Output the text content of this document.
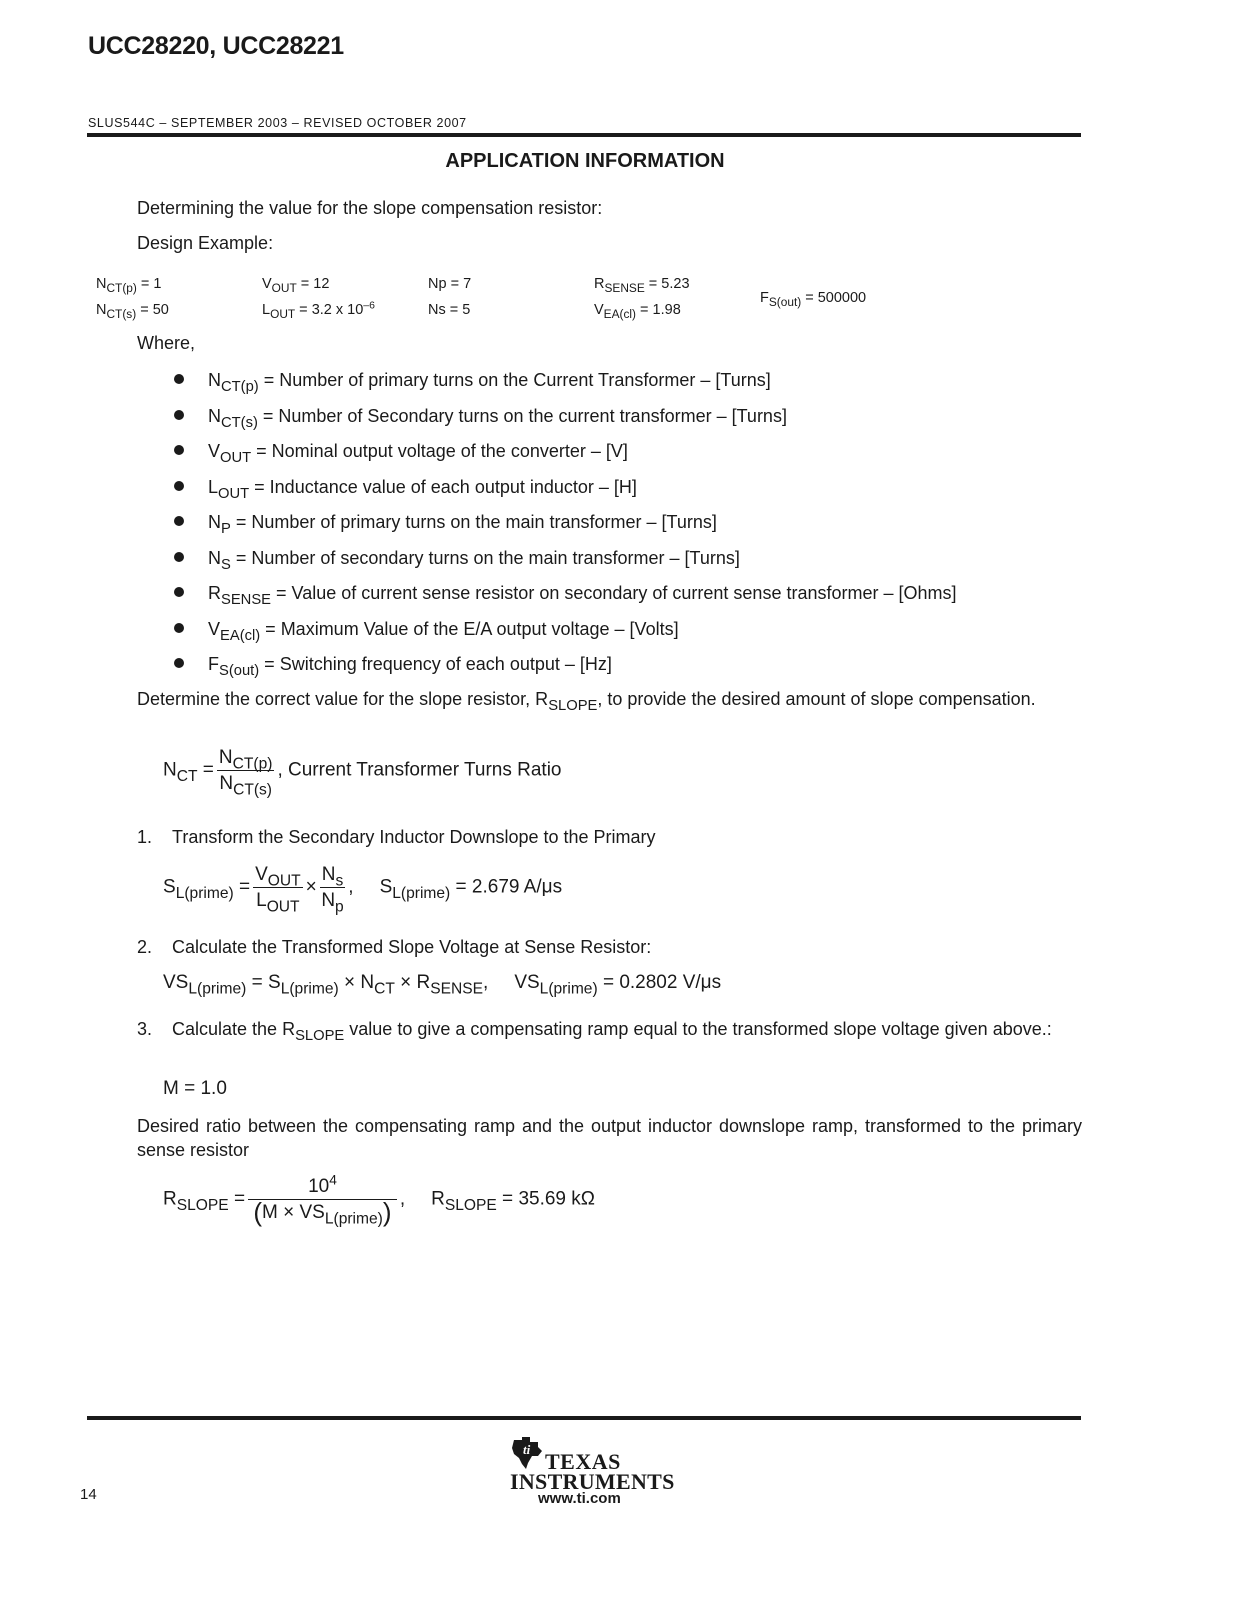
UCC28220, UCC28221
SLUS544C – SEPTEMBER 2003 – REVISED OCTOBER 2007
APPLICATION INFORMATION
Determining the value for the slope compensation resistor:
Design Example:
$N_{CT(p)} = 1$
$N_{CT(s)} = 50$
$V_{OUT} = 12$
$L_{OUT} = 3.2$ x $10^{-6}$
Np = 7
Ns = 5
$R_{SENSE} = 5.23$
$V_{EA(cl)} = 1.98$
$F_{S(out)} = 500000$
Where,
$N_{CT(p)}$ = Number of primary turns on the Current Transformer – [Turns]
$N_{CT(s)}$ = Number of Secondary turns on the current transformer – [Turns]
$V_{OUT}$ = Nominal output voltage of the converter – [V]
$L_{OUT}$ = Inductance value of each output inductor – [H]
$N_P$ = Number of primary turns on the main transformer – [Turns]
$N_S$ = Number of secondary turns on the main transformer – [Turns]
$R_{SENSE}$ = Value of current sense resistor on secondary of current sense transformer – [Ohms]
$V_{EA(cl)}$ = Maximum Value of the E/A output voltage – [Volts]
$F_{S(out)}$ = Switching frequency of each output – [Hz]
Determine the correct value for the slope resistor, $R_{SLOPE}$, to provide the desired amount of slope compensation.
$N_{CT} = \frac{N_{CT(p)}}{N_{CT(s)}}$ , Current Transformer Turns Ratio
1. Transform the Secondary Inductor Downslope to the Primary
$S_{L(prime)} = \frac{V_{OUT}}{L_{OUT}} \times \frac{N_s}{N_p}$ , $S_{L(prime)} = 2.679$ A/μs
2. Calculate the Transformed Slope Voltage at Sense Resistor:
$VS_{L(prime)} = S_{L(prime)} \times N_{CT} \times R_{SENSE}$, $VS_{L(prime)} = 0.2802$ V/μs
3. Calculate the $R_{SLOPE}$ value to give a compensating ramp equal to the transformed slope voltage given above.:
M = 1.0
Desired ratio between the compensating ramp and the output inductor downslope ramp, transformed to the primary sense resistor
$R_{SLOPE} = \frac{10^4}{(M \times VS_{L(prime)})}$ , $R_{SLOPE} = 35.69$ kΩ
14
ti TEXAS
INSTRUMENTS
www.ti.com
